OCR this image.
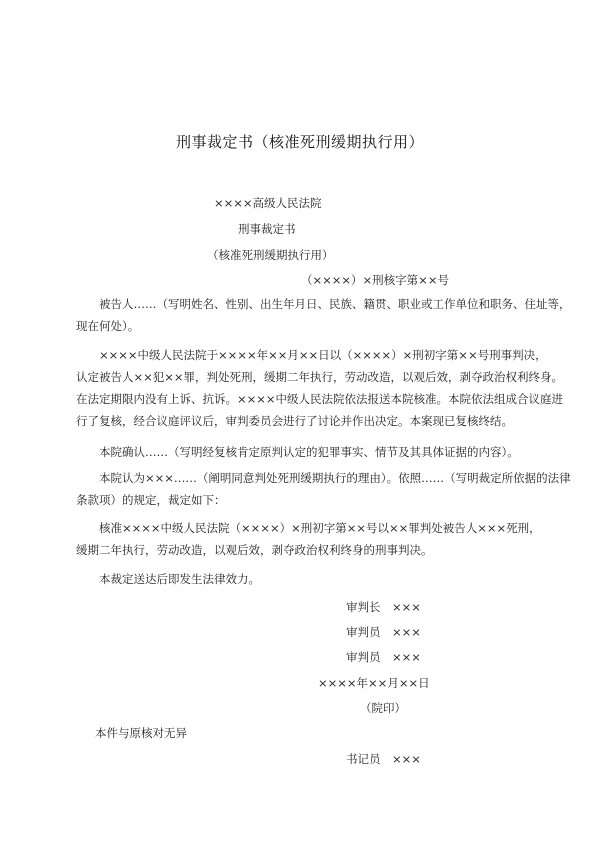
刑事裁定书（核准死刑缓期执行用）
××××高级人民法院
刑事裁定书
（核准死刑缓期执行用）
（××××）×刑核字第××号
被告人……（写明姓名、性别、出生年月日、民族、籍贯、职业或工作单位和职务、住址等，
现在何处）。
××××中级人民法院于××××年××月××日以（××××）×刑初字第××号刑事判决，
认定被告人××犯××罪，判处死刑，缓期二年执行，劳动改造，以观后效，剥夺政治权利终身。
在法定期限内没有上诉、抗诉。××××中级人民法院依法报送本院核准。本院依法组成合议庭进
行了复核，经合议庭评议后，审判委员会进行了讨论并作出决定。本案现已复核终结。
本院确认……（写明经复核肯定原判认定的犯罪事实、情节及其具体证据的内容）。
本院认为×××……（阐明同意判处死刑缓期执行的理由）。依照……（写明裁定所依据的法律
条款项）的规定，裁定如下：
核准××××中级人民法院（××××）×刑初字第××号以××罪判处被告人×××死刑，
缓期二年执行，劳动改造，以观后效，剥夺政治权利终身的刑事判决。
本裁定送达后即发生法律效力。
审判长　×××
审判员　×××
审判员　×××
××××年××月××日
（院印）
本件与原核对无异
书记员　×××
